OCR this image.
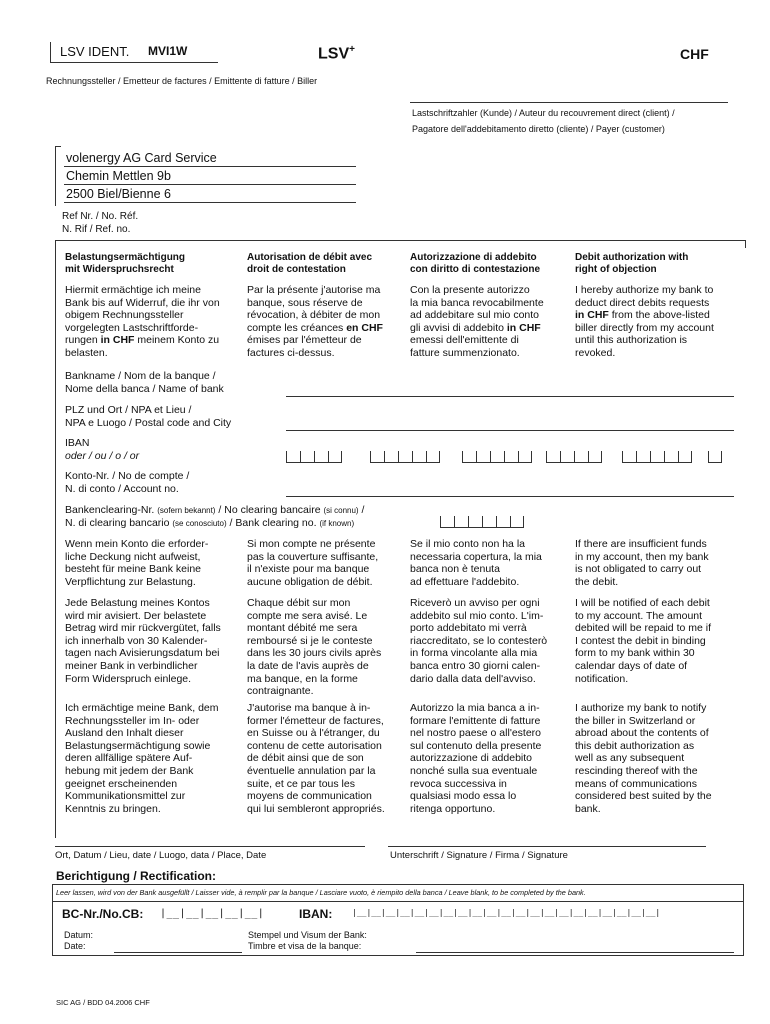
LSV IDENT. MVI1W	LSV+	CHF
Rechnungssteller / Emetteur de factures / Emittente di fatture / Biller
Lastschriftzahler (Kunde) / Auteur du recouvrement direct (client) /
Pagatore dell'addebitamento diretto (cliente) / Payer (customer)
volenergy AG Card Service
Chemin Mettlen 9b
2500 Biel/Bienne 6
Ref Nr. / No. Réf.
N. Rif / Ref. no.
Belastungsermächtigung
mit Widerspruchsrecht
Autorisation de débit avec
droit de contestation
Autorizzazione di addebito
con diritto di contestazione
Debit authorization with
right of objection
Hiermit ermächtige ich meine
Bank bis auf Widerruf, die ihr von
obigem Rechnungssteller
vorgelegten Lastschriftforde-
rungen in CHF meinem Konto zu
belasten.
Par la présente j'autorise ma
banque, sous réserve de
révocation, à débiter de mon
compte les créances en CHF
émises par l'émetteur de
factures ci-dessus.
Con la presente autorizzo
la mia banca revocabilmente
ad addebitare sul mio conto
gli avvisi di addebito in CHF
emessi dell'emittente di
fatture summenzionato.
I hereby authorize my bank to
deduct direct debits requests
in CHF from the above-listed
biller directly from my account
until this authorization is
revoked.
Bankname / Nom de la banque /
Nome della banca / Name of bank
PLZ und Ort / NPA et Lieu /
NPA e Luogo / Postal code and City
IBAN
oder / ou / o / or
Konto-Nr. / No de compte /
N. di conto / Account no.
Bankenclearing-Nr. (sofern bekannt) / No clearing bancaire (si connu) /
N. di clearing bancario (se conosciuto) / Bank clearing no. (if known)
Wenn mein Konto die erforder-
liche Deckung nicht aufweist,
besteht für meine Bank keine
Verpflichtung zur Belastung.
Si mon compte ne présente
pas la couverture suffisante,
il n'existe pour ma banque
aucune obligation de débit.
Se il mio conto non ha la
necessaria copertura, la mia
banca non è tenuta
ad effettuare l'addebito.
If there are insufficient funds
in my account, then my bank
is not obligated to carry out
the debit.
Jede Belastung meines Kontos
wird mir avisiert. Der belastete
Betrag wird mir rückvergütet, falls
ich innerhalb von 30 Kalender-
tagen nach Avisierungsdatum bei
meiner Bank in verbindlicher
Form Widerspruch einlege.
Chaque débit sur mon
compte me sera avisé. Le
montant débité me sera
remboursé si je le conteste
dans les 30 jours civils après
la date de l'avis auprès de
ma banque, en la forme
contraignante.
Riceverò un avviso per ogni
addebito sul mio conto. L'im-
porto addebitato mi verrà
riaccreditato, se lo contesterò
in forma vincolante alla mia
banca entro 30 giorni calen-
dario dalla data dell'avviso.
I will be notified of each debit
to my account. The amount
debited will be repaid to me if
I contest the debit in binding
form to my bank within 30
calendar days of date of
notification.
Ich ermächtige meine Bank, dem
Rechnungssteller im In- oder
Ausland den Inhalt dieser
Belastungsermächtigung sowie
deren allfällige spätere Auf-
hebung mit jedem der Bank
geeignet erscheinenden
Kommunikationsmittel zur
Kenntnis zu bringen.
J'autorise ma banque à in-
former l'émetteur de factures,
en Suisse ou à l'étranger, du
contenu de cette autorisation
de débit ainsi que de son
éventuelle annulation par la
suite, et ce par tous les
moyens de communication
qui lui sembleront appropriés.
Autorizzo la mia banca a in-
formare l'emittente di fatture
nel nostro paese o all'estero
sul contenuto della presente
autorizzazione di addebito
nonché sulla sua eventuale
revoca successiva in
qualsiasi modo essa lo
ritenga opportuno.
I authorize my bank to notify
the biller in Switzerland or
abroad about the contents of
this debit authorization as
well as any subsequent
rescinding thereof with the
means of communications
considered best suited by the
bank.
Ort, Datum / Lieu, date / Luogo, data / Place, Date	Unterschrift / Signature / Firma / Signature
Berichtigung / Rectification:
Leer lassen, wird von der Bank ausgefüllt / Laisser vide, à remplir par la banque / Lasciare vuoto, è riempito della banca / Leave blank, to be completed by the bank.
BC-Nr./No.CB: |__|__|__|__|__|	IBAN: |__|__|__|__|__|__|__|__|__|__|__|__|__|__|__|__|__|__|__|__|__|
Datum:
Date:
Stempel und Visum der Bank:
Timbre et visa de la banque:
SIC AG / BDD 04.2006 CHF
